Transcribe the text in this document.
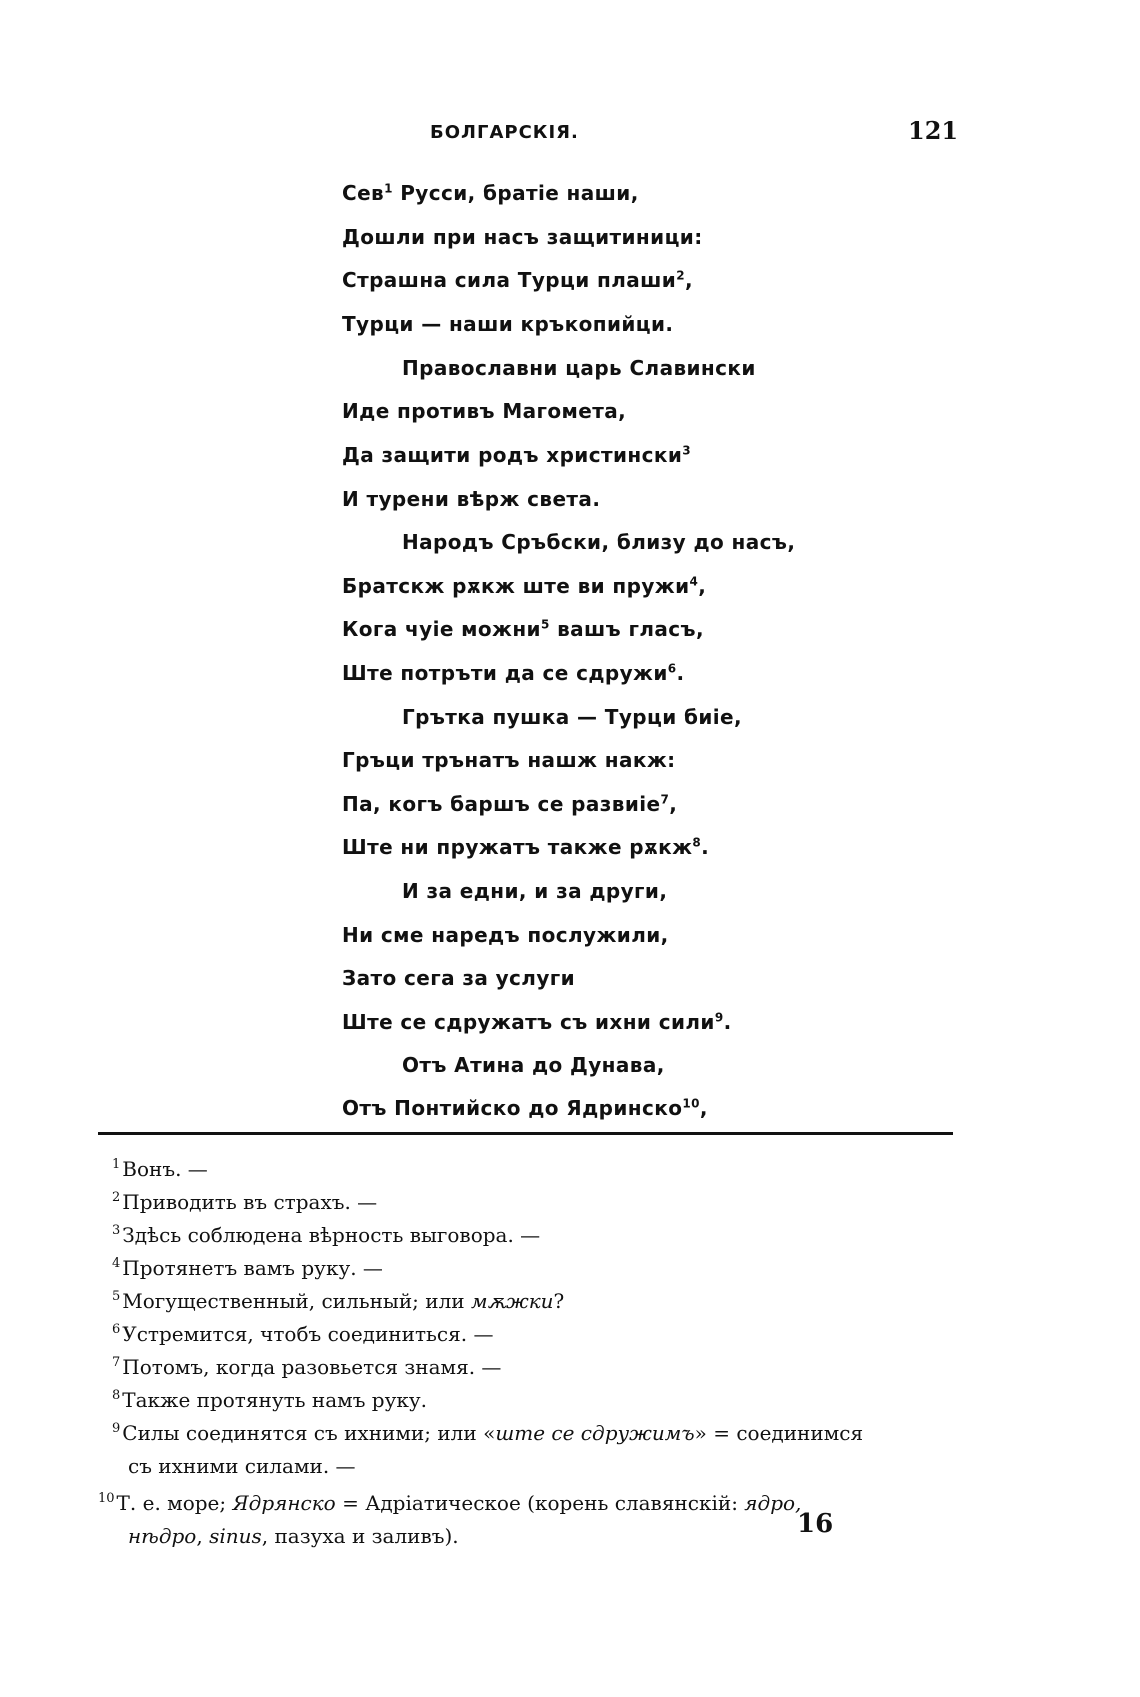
БОЛГАРСКІЯ.	121
Сев$^1$ Русси, братіе наши,
Дошли при насъ защитиници:
Страшна сила Турци плаши$^2$,
Турци — наши кръкопийци.
Православни царь Славински
Иде противъ Магомета,
Да защити родъ христински$^3$
И турени вѣрж света.
Народъ Сръбски, близу до насъ,
Братскж рѫкж ште ви пружи$^4$,
Кога чуіе можни$^5$ вашъ гласъ,
Ште потръти да се сдружи$^6$.
Грътка пушка — Турци биіе,
Гръци трънатъ нашж накж:
Па, когъ баршъ се развиіе$^7$,
Ште ни пружатъ также рѫкж$^8$.
И за едни, и за други,
Ни сме наредъ послужили,
Зато сега за услуги
Ште се сдружатъ съ ихни сили$^9$.
Отъ Атина до Дунава,
Отъ Понтийско до Ядринско$^{10}$,
$^1$ Вонъ. —
$^2$ Приводить въ страхъ. —
$^3$ Здѣсь соблюдена вѣрность выговора. —
$^4$ Протянетъ вамъ руку. —
$^5$ Могущественный, сильный; или мѫжки?
$^6$ Устремится, чтобъ соединиться. —
$^7$ Потомъ, когда разовьется знамя. —
$^8$ Также протянуть намъ руку.
$^9$ Силы соединятся съ ихними; или «ште се сдружимъ» = соединимся
съ ихними силами. —
$^{10}$ Т. е. море; Ядрянско = Адріатическое (корень славянскій: ядро,
нѣдро, sinus, пазуха и заливъ).	16
